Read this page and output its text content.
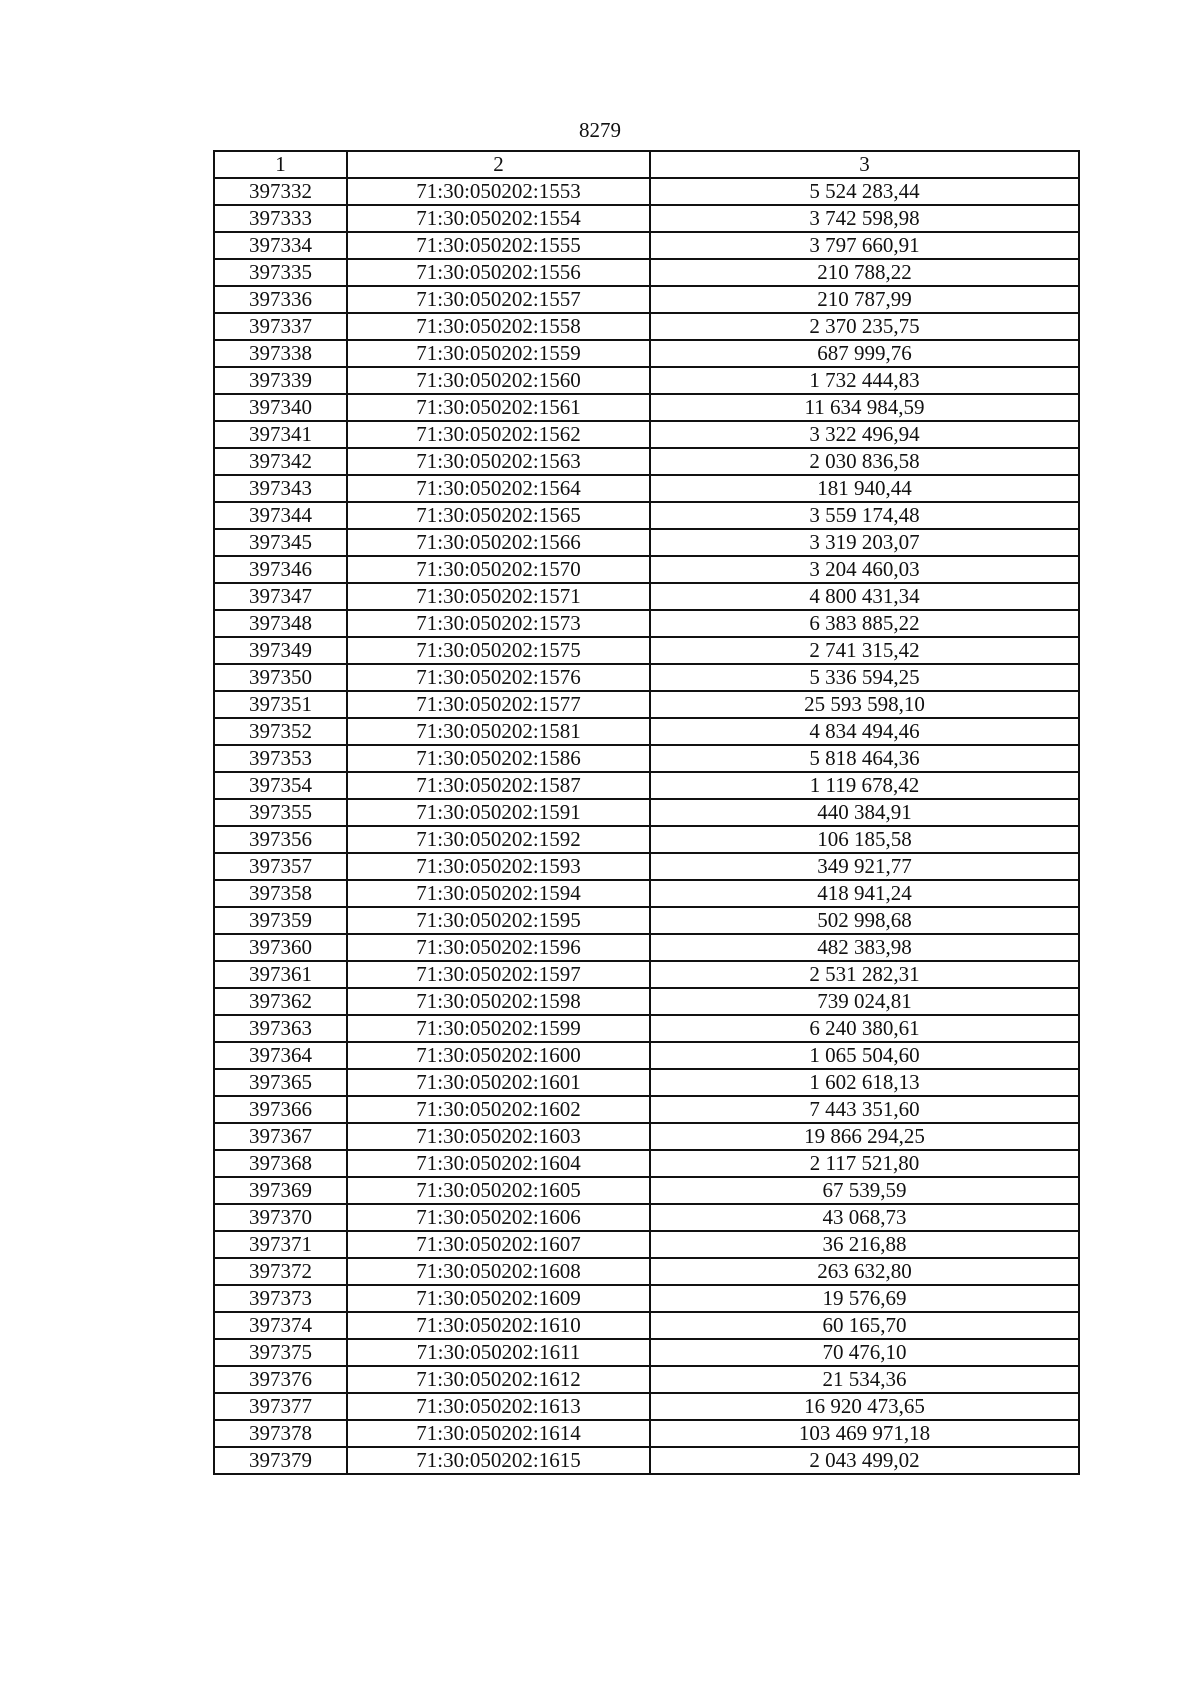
8279
1	2	3
397332	71:30:050202:1553	5 524 283,44
397333	71:30:050202:1554	3 742 598,98
397334	71:30:050202:1555	3 797 660,91
397335	71:30:050202:1556	210 788,22
397336	71:30:050202:1557	210 787,99
397337	71:30:050202:1558	2 370 235,75
397338	71:30:050202:1559	687 999,76
397339	71:30:050202:1560	1 732 444,83
397340	71:30:050202:1561	11 634 984,59
397341	71:30:050202:1562	3 322 496,94
397342	71:30:050202:1563	2 030 836,58
397343	71:30:050202:1564	181 940,44
397344	71:30:050202:1565	3 559 174,48
397345	71:30:050202:1566	3 319 203,07
397346	71:30:050202:1570	3 204 460,03
397347	71:30:050202:1571	4 800 431,34
397348	71:30:050202:1573	6 383 885,22
397349	71:30:050202:1575	2 741 315,42
397350	71:30:050202:1576	5 336 594,25
397351	71:30:050202:1577	25 593 598,10
397352	71:30:050202:1581	4 834 494,46
397353	71:30:050202:1586	5 818 464,36
397354	71:30:050202:1587	1 119 678,42
397355	71:30:050202:1591	440 384,91
397356	71:30:050202:1592	106 185,58
397357	71:30:050202:1593	349 921,77
397358	71:30:050202:1594	418 941,24
397359	71:30:050202:1595	502 998,68
397360	71:30:050202:1596	482 383,98
397361	71:30:050202:1597	2 531 282,31
397362	71:30:050202:1598	739 024,81
397363	71:30:050202:1599	6 240 380,61
397364	71:30:050202:1600	1 065 504,60
397365	71:30:050202:1601	1 602 618,13
397366	71:30:050202:1602	7 443 351,60
397367	71:30:050202:1603	19 866 294,25
397368	71:30:050202:1604	2 117 521,80
397369	71:30:050202:1605	67 539,59
397370	71:30:050202:1606	43 068,73
397371	71:30:050202:1607	36 216,88
397372	71:30:050202:1608	263 632,80
397373	71:30:050202:1609	19 576,69
397374	71:30:050202:1610	60 165,70
397375	71:30:050202:1611	70 476,10
397376	71:30:050202:1612	21 534,36
397377	71:30:050202:1613	16 920 473,65
397378	71:30:050202:1614	103 469 971,18
397379	71:30:050202:1615	2 043 499,02
